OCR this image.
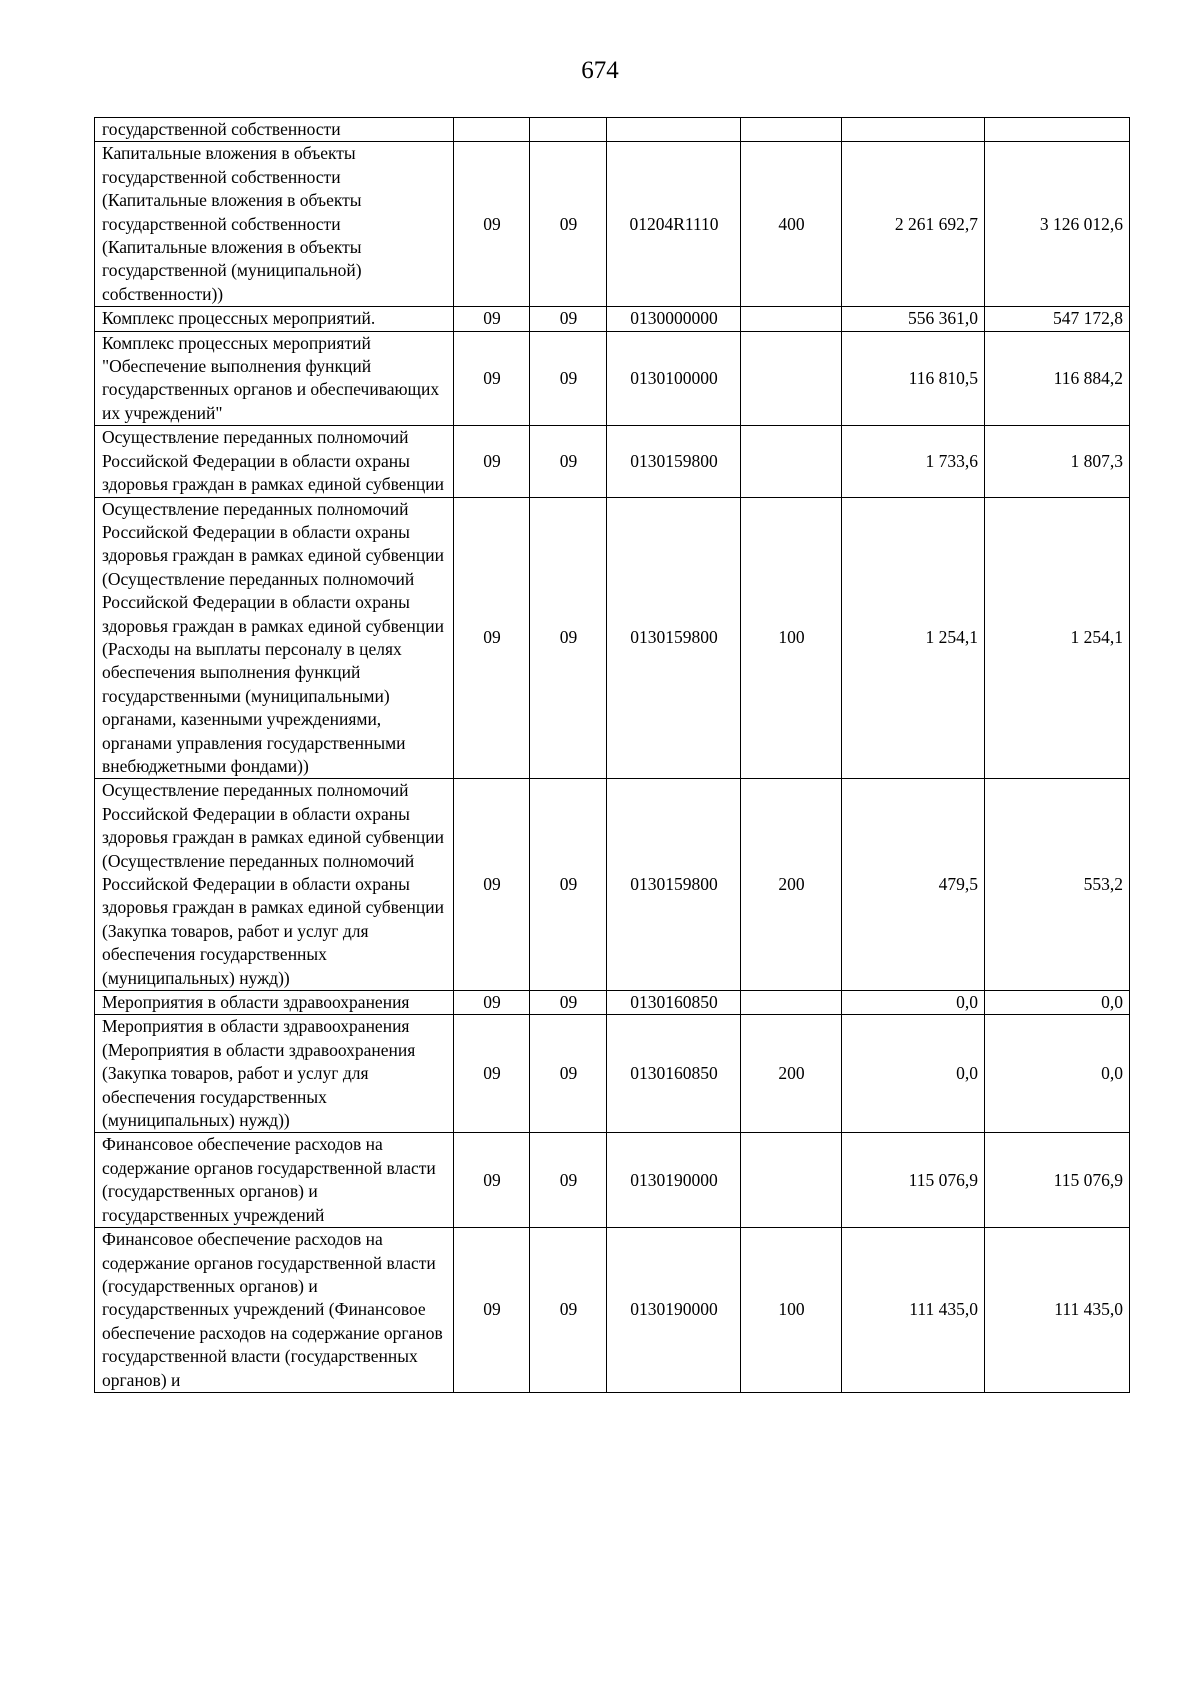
674
государственной собственности						
Капитальные вложения в объекты государственной собственности (Капитальные вложения в объекты государственной собственности (Капитальные вложения в объекты государственной (муниципальной) собственности))	09	09	01204R1110	400	2 261 692,7	3 126 012,6
Комплекс процессных мероприятий.	09	09	0130000000		556 361,0	547 172,8
Комплекс процессных мероприятий "Обеспечение выполнения функций государственных органов и обеспечивающих их учреждений"	09	09	0130100000		116 810,5	116 884,2
Осуществление переданных полномочий Российской Федерации в области охраны здоровья граждан в рамках единой субвенции	09	09	0130159800		1 733,6	1 807,3
Осуществление переданных полномочий Российской Федерации в области охраны здоровья граждан в рамках единой субвенции (Осуществление переданных полномочий Российской Федерации в области охраны здоровья граждан в рамках единой субвенции (Расходы на выплаты персоналу в целях обеспечения выполнения функций государственными (муниципальными) органами, казенными учреждениями, органами управления государственными внебюджетными фондами))	09	09	0130159800	100	1 254,1	1 254,1
Осуществление переданных полномочий Российской Федерации в области охраны здоровья граждан в рамках единой субвенции (Осуществление переданных полномочий Российской Федерации в области охраны здоровья граждан в рамках единой субвенции (Закупка товаров, работ и услуг для обеспечения государственных (муниципальных) нужд))	09	09	0130159800	200	479,5	553,2
Мероприятия в области здравоохранения	09	09	0130160850		0,0	0,0
Мероприятия в области здравоохранения (Мероприятия в области здравоохранения (Закупка товаров, работ и услуг для обеспечения государственных (муниципальных) нужд))	09	09	0130160850	200	0,0	0,0
Финансовое обеспечение расходов на содержание органов государственной власти (государственных органов) и государственных учреждений	09	09	0130190000		115 076,9	115 076,9
Финансовое обеспечение расходов на содержание органов государственной власти (государственных органов) и государственных учреждений (Финансовое обеспечение расходов на содержание органов государственной власти (государственных органов) и	09	09	0130190000	100	111 435,0	111 435,0
